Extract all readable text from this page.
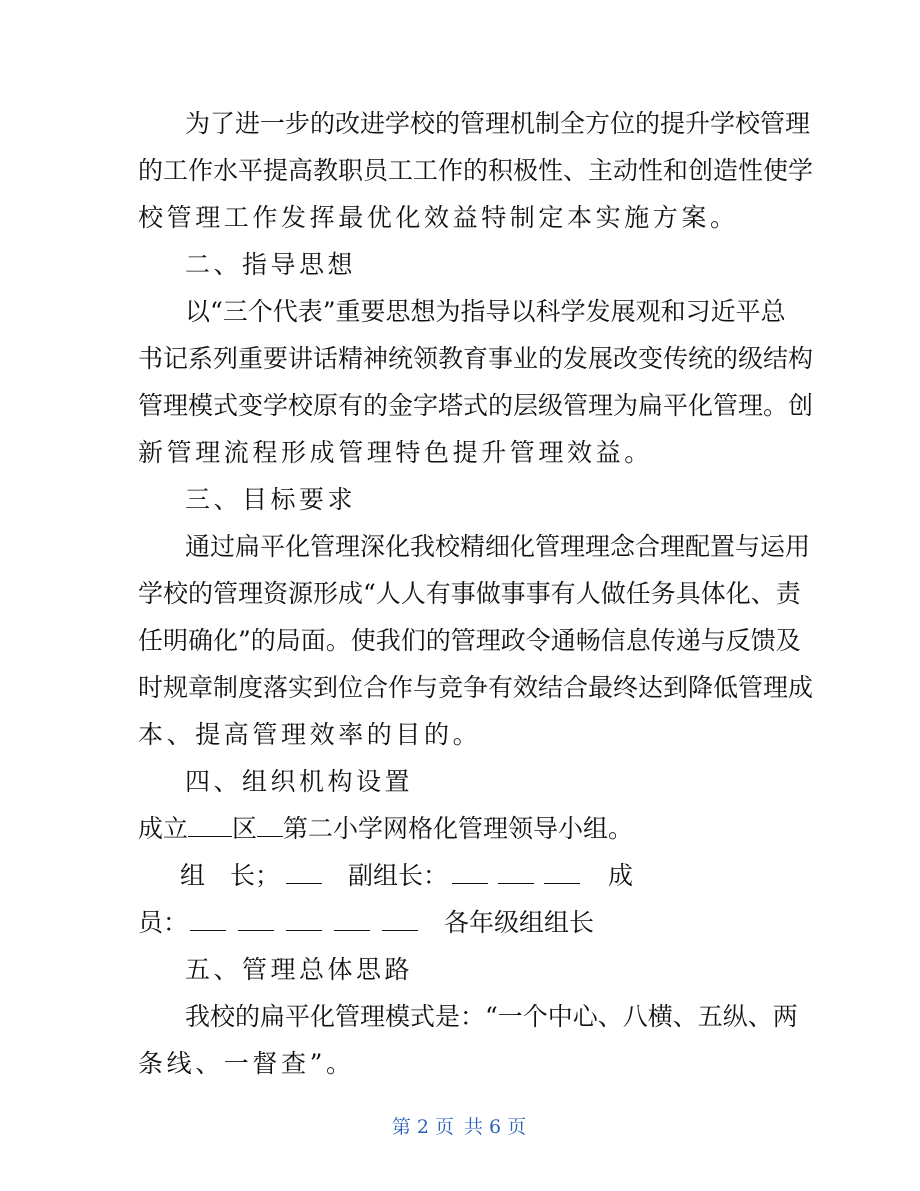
为了进一步的改进学校的管理机制全方位的提升学校管理
的工作水平提高教职员工工作的积极性、主动性和创造性使学
校管理工作发挥最优化效益特制定本实施方案。
二、指导思想
以“三个代表”重要思想为指导以科学发展观和习近平总
书记系列重要讲话精神统领教育事业的发展改变传统的级结构
管理模式变学校原有的金字塔式的层级管理为扁平化管理。创
新管理流程形成管理特色提升管理效益。
三、目标要求
通过扁平化管理深化我校精细化管理理念合理配置与运用
学校的管理资源形成“人人有事做事事有人做任务具体化、责
任明确化”的局面。使我们的管理政令通畅信息传递与反馈及
时规章制度落实到位合作与竞争有效结合最终达到降低管理成
本、提高管理效率的目的。
四、组织机构设置
成立 区 第二小学网格化管理领导小组。
组　长；	副组长：	成
员：	各年级组组长
五、管理总体思路
我校的扁平化管理模式是：“一个中心、八横、五纵、两
条线、一督查”。
第 2 页 共 6 页
